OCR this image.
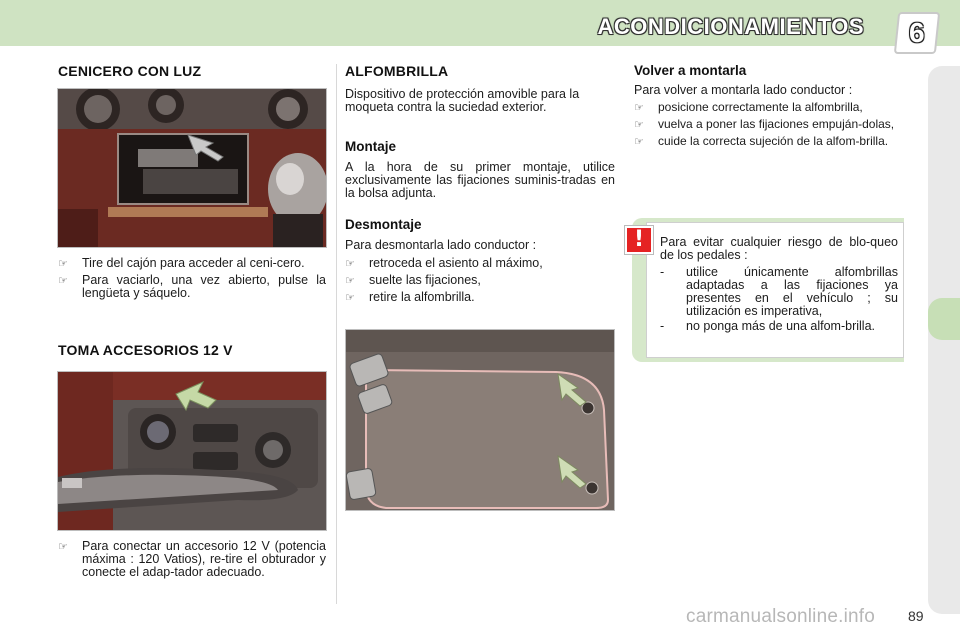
ACONDICIONAMIENTOS 6
CENICERO CON LUZ
☞ Tire del cajón para acceder al ceni-cero.
☞ Para vaciarlo, una vez abierto, pulse la lengüeta y sáquelo.
TOMA ACCESORIOS 12 V
☞ Para conectar un accesorio 12 V (potencia máxima : 120 Vatios), re-tire el obturador y conecte el adap-tador adecuado.
ALFOMBRILLA
Dispositivo de protección amovible para la moqueta contra la suciedad exterior.
Montaje
A la hora de su primer montaje, utilice exclusivamente las fijaciones suminis-tradas en la bolsa adjunta.
Desmontaje
Para desmontarla lado conductor :
☞ retroceda el asiento al máximo,
☞ suelte las fijaciones,
☞ retire la alfombrilla.
Volver a montarla
Para volver a montarla lado conductor :
☞ posicione correctamente la alfombrilla,
☞ vuelva a poner las fijaciones empuján-dolas,
☞ cuide la correcta sujeción de la alfom-brilla.
!	Para evitar cualquier riesgo de blo-queo de los pedales :
- utilice únicamente alfombrillas adaptadas a las fijaciones ya presentes en el vehículo ; su utilización es imperativa,
- no ponga más de una alfom-brilla.
carmanualsonline.info 89
